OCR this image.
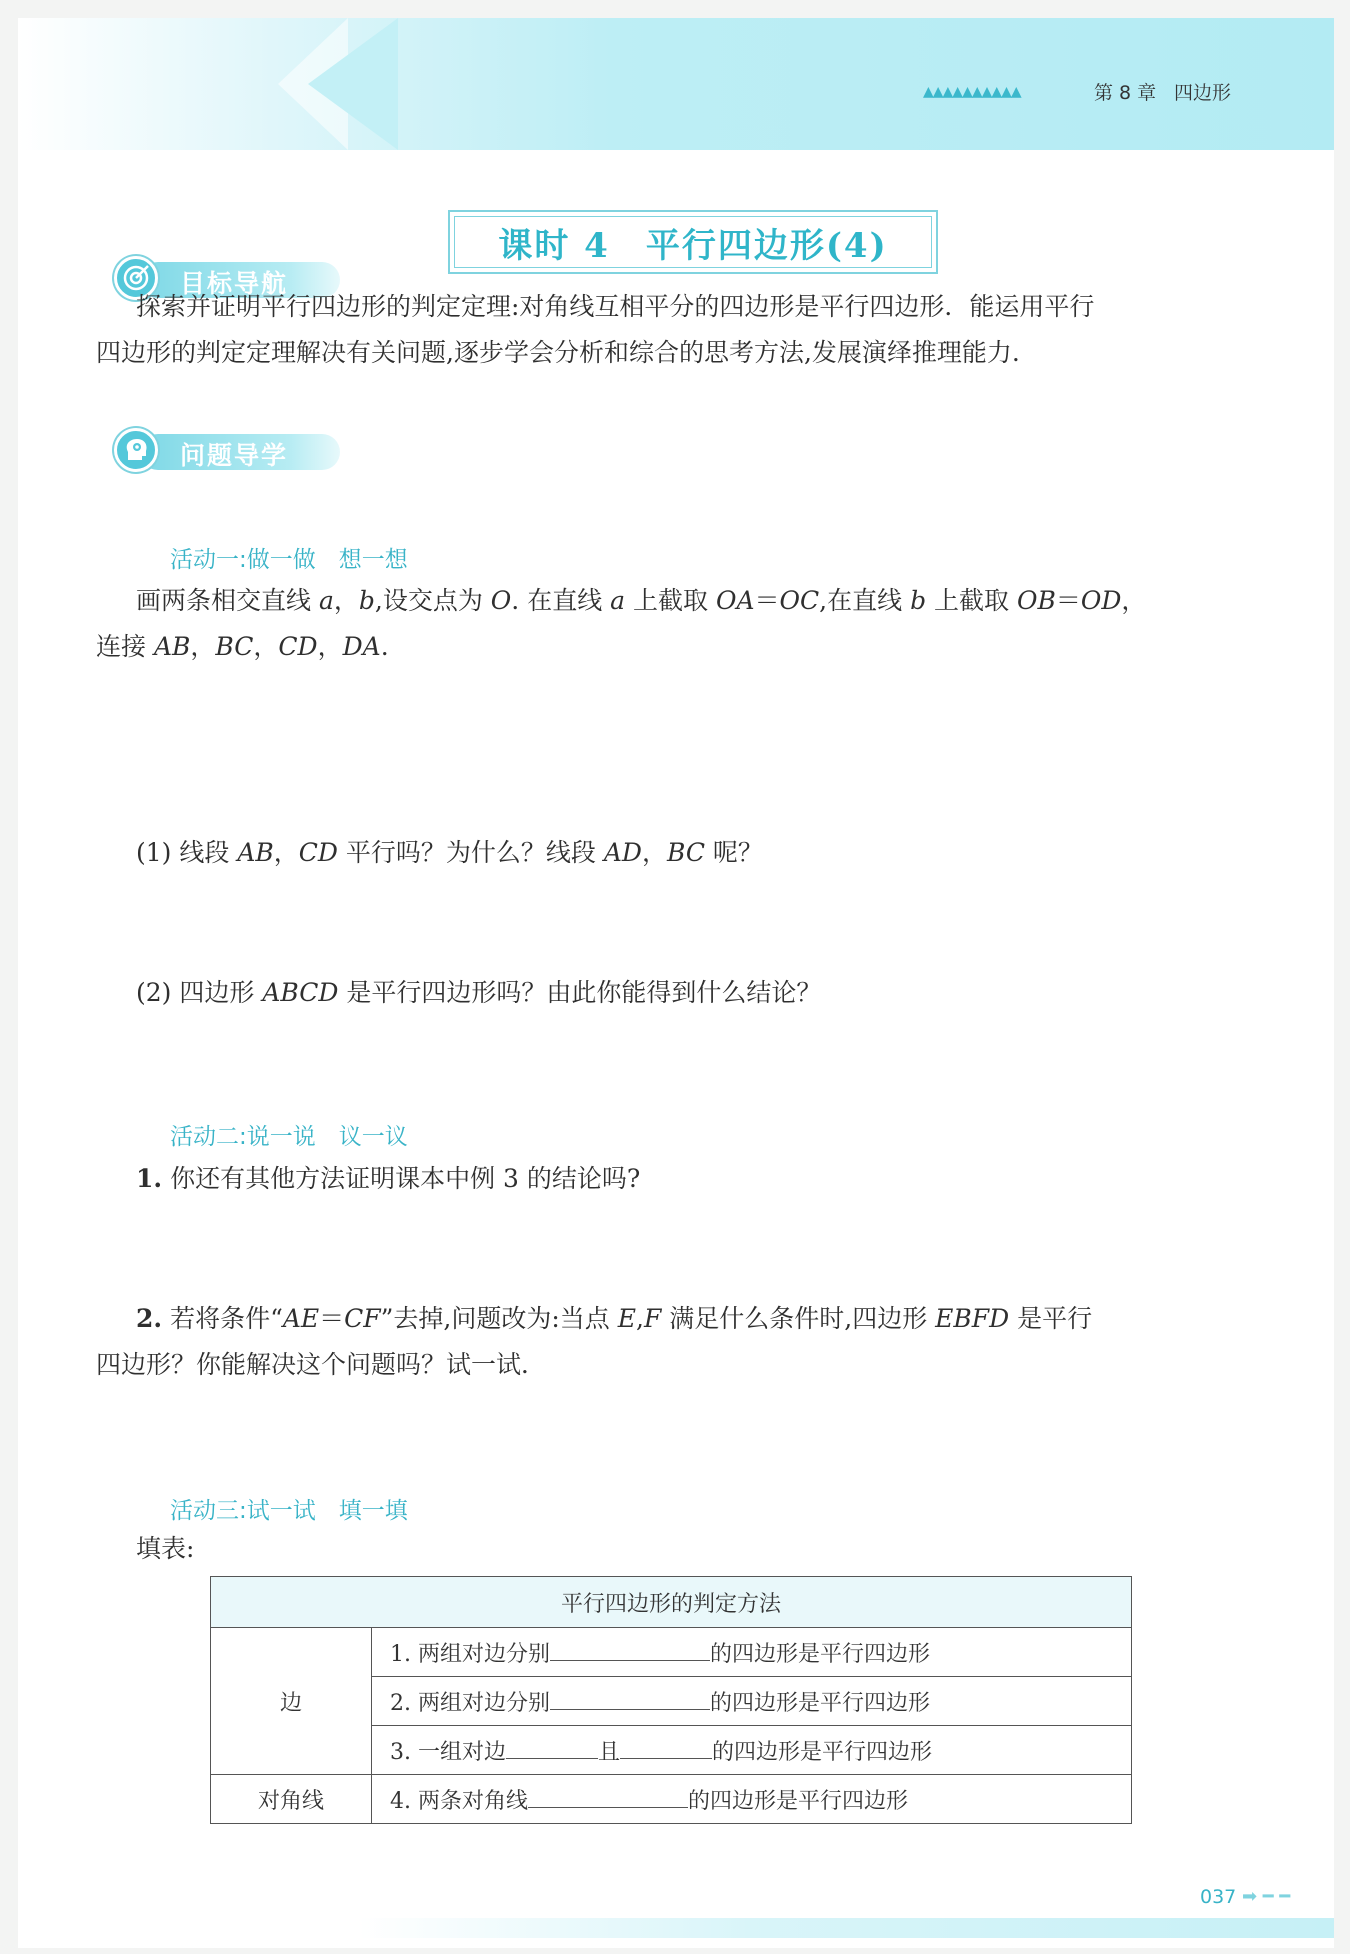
▲▲▲▲▲▲▲▲▲▲	第 8 章 四边形
课时 4　平行四边形(4)
目标导航
探索并证明平行四边形的判定定理:对角线互相平分的四边形是平行四边形．能运用平行
四边形的判定定理解决有关问题,逐步学会分析和综合的思考方法,发展演绎推理能力.
问题导学
活动一:做一做　想一想
画两条相交直线 a，b,设交点为 O. 在直线 a 上截取 OA＝OC,在直线 b 上截取 OB＝OD，
连接 AB，BC，CD，DA.
(1) 线段 AB，CD 平行吗？为什么？线段 AD，BC 呢？
(2) 四边形 ABCD 是平行四边形吗？由此你能得到什么结论？
活动二:说一说　议一议
1. 你还有其他方法证明课本中例 3 的结论吗?
2. 若将条件“AE＝CF”去掉,问题改为:当点 E,F 满足什么条件时,四边形 EBFD 是平行
四边形？你能解决这个问题吗？试一试．
活动三:试一试　填一填
填表:
平行四边形的判定方法	
边	1. 两组对边分别 的四边形是平行四边形
	2. 两组对边分别 的四边形是平行四边形
	3. 一组对边 且 的四边形是平行四边形
对角线	4. 两条对角线 的四边形是平行四边形
037 ➡ ━ ━
